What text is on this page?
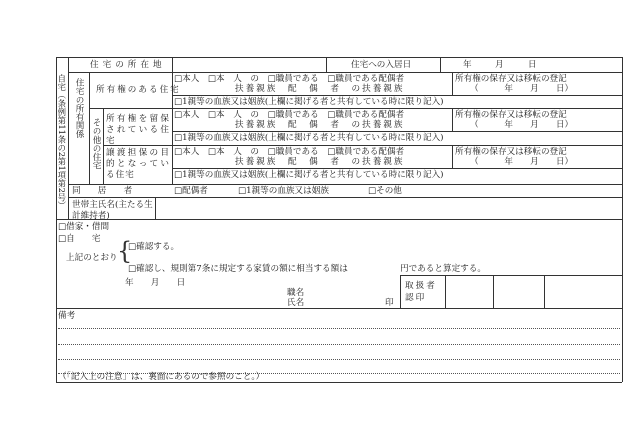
自宅（条例第11条の2第1項第2号）
住宅の所在地	住宅への入居日	年	月	日
住宅の所有関係 所有権のある住宅
□本人　□本　人　の　□職員である　□職員である配偶者
扶養親族　配　偶　者　の扶養親族
所有権の保存又は移転の登記
（　　　年　　月　　日）
□1親等の血族又は姻族(上欄に掲げる者と共有している時に限り記入)
その他の住宅 所有権を留保されている住宅
□本人　□本　人　の　□職員である　□職員である配偶者
扶養親族　配　偶　者　の扶養親族
所有権の保存又は移転の登記
（　　　年　　月　　日）
□1親等の血族又は姻族(上欄に掲げる者と共有している時に限り記入)
譲渡担保の目的となっている住宅
□本人　□本　人　の　□職員である　□職員である配偶者
扶養親族　配　偶　者　の扶養親族
所有権の保存又は移転の登記
（　　　年　　月　　日）
□1親等の血族又は姻族(上欄に掲げる者と共有している時に限り記入)
同　　居　　者	□配偶者	□1親等の血族又は姻族	□その他
世帯主氏名(主たる生計維持者)
□借家・借間
□自　　宅
上記のとおり {
□確認する。
□確認し、規則第7条に規定する家賃の額に相当する額は	円であると算定する。
年　　月　　日
職名
氏名	印
取扱者認印
備考
（「記入上の注意」は、裏面にあるので参照のこと。）
